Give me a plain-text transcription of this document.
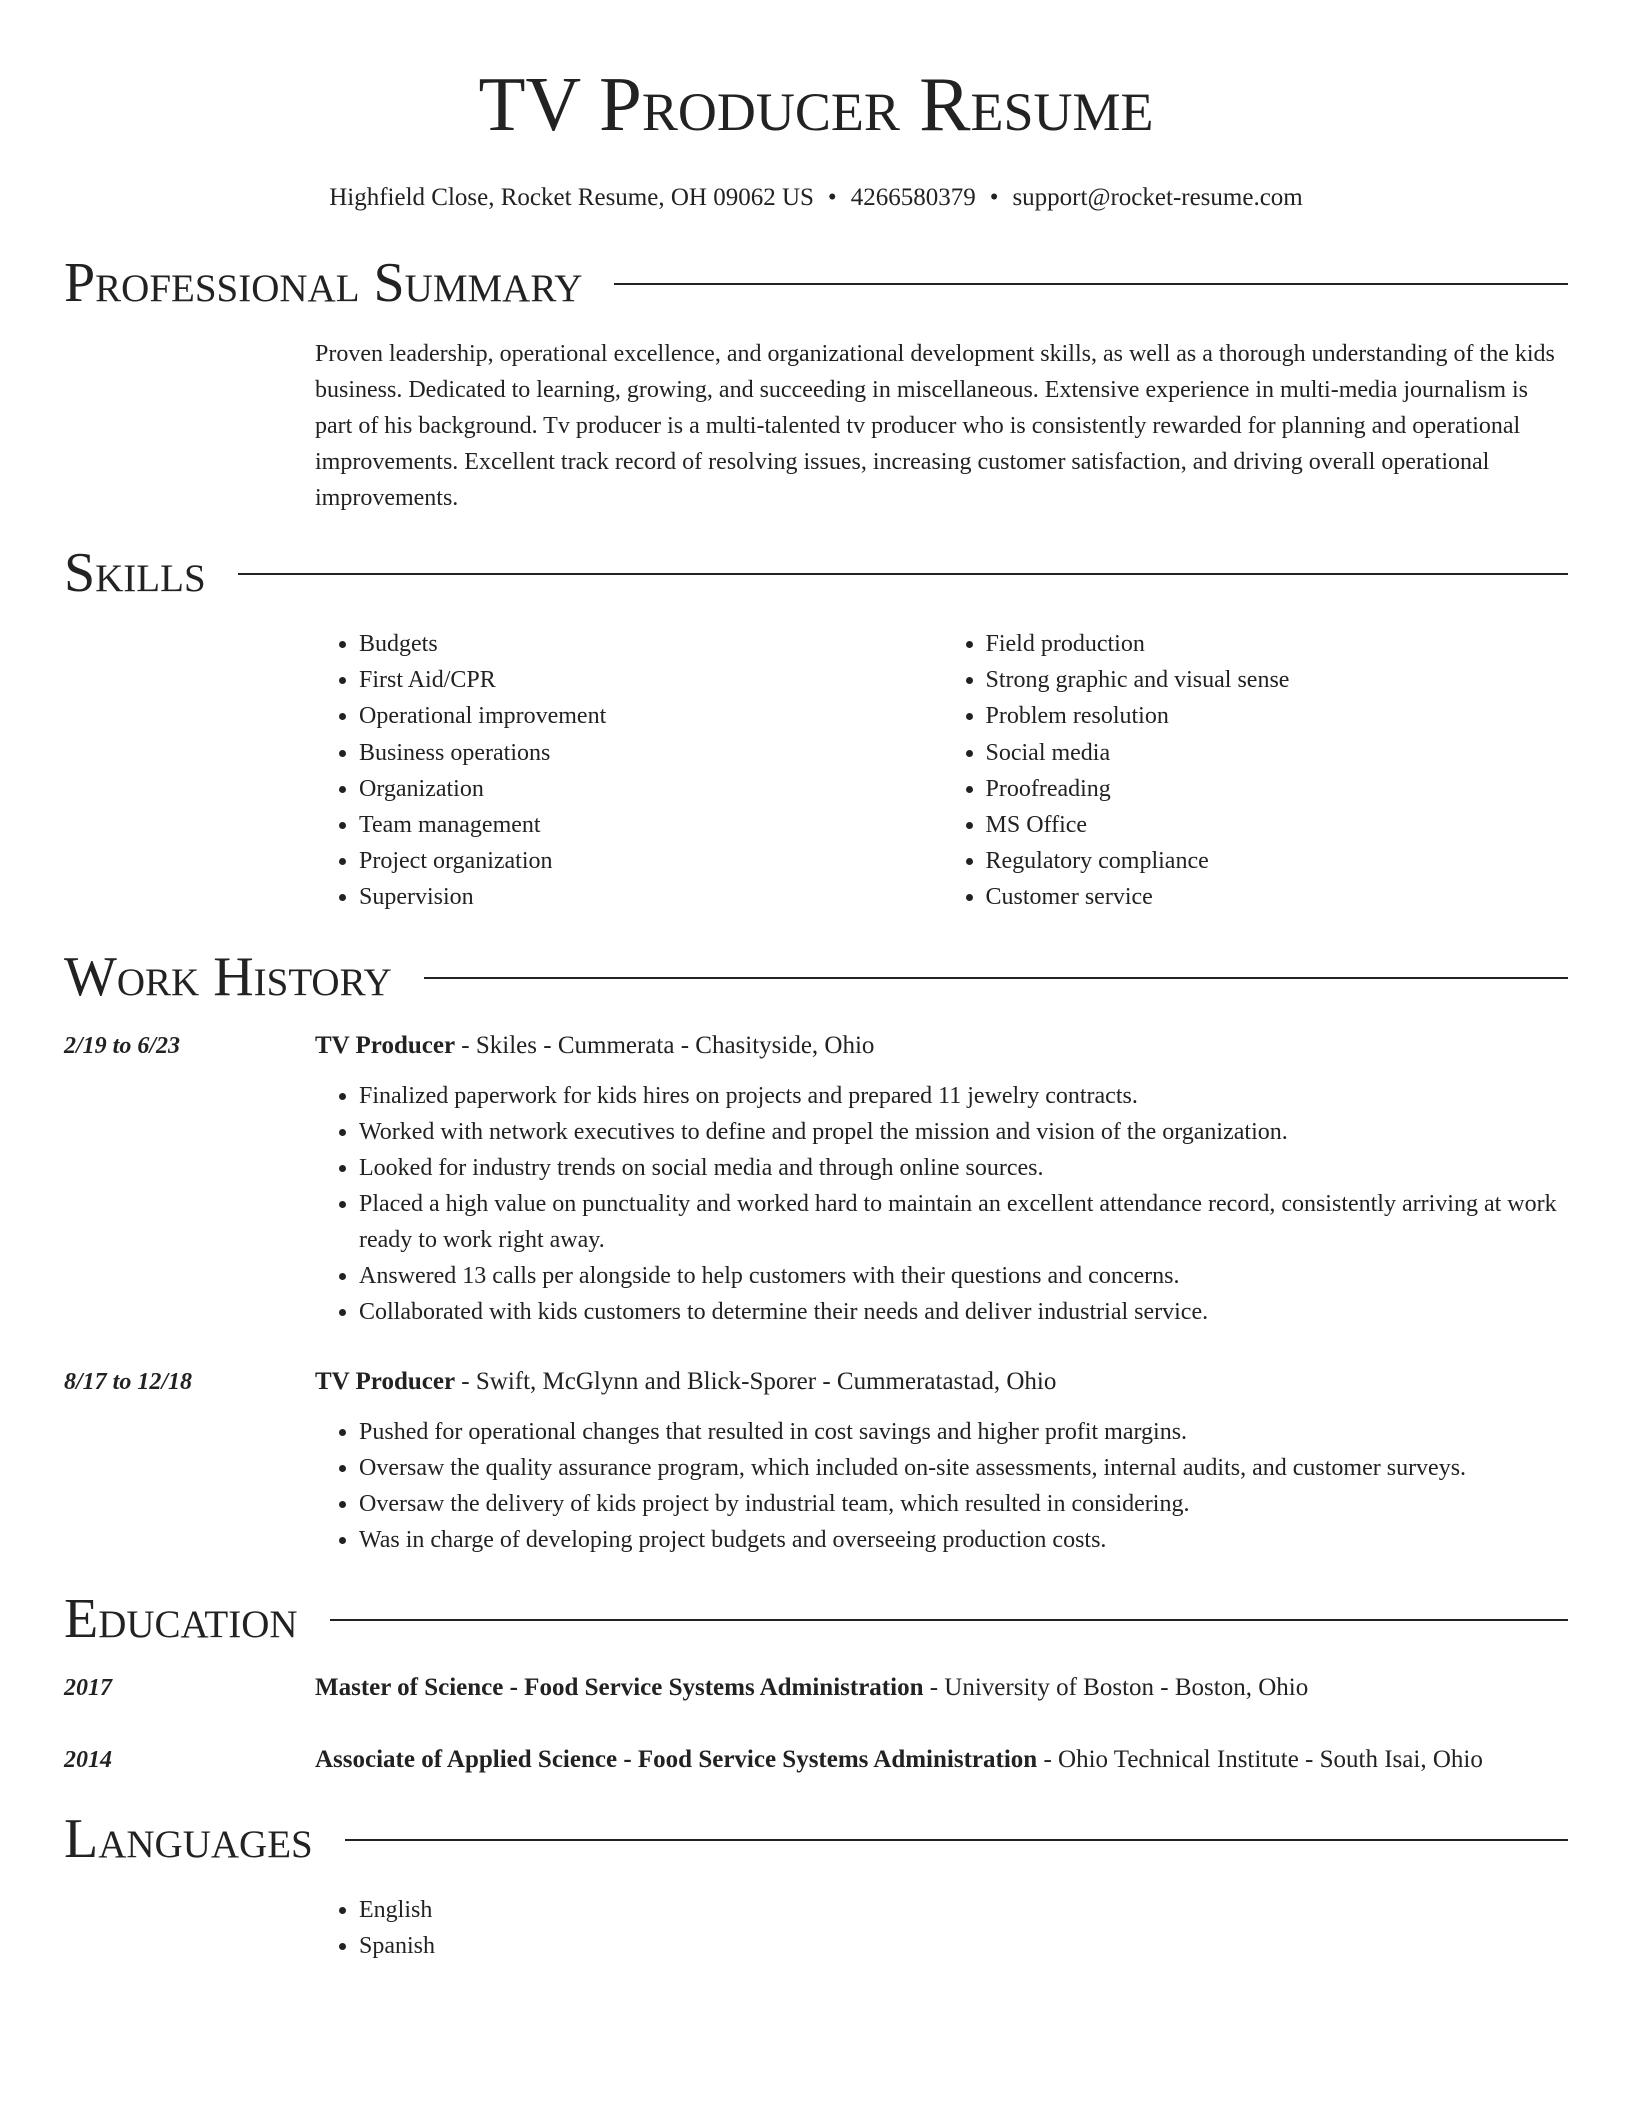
TV Producer Resume
Highfield Close, Rocket Resume, OH 09062 US • 4266580379 • support@rocket-resume.com
Professional Summary
Proven leadership, operational excellence, and organizational development skills, as well as a thorough understanding of the kids business. Dedicated to learning, growing, and succeeding in miscellaneous. Extensive experience in multi-media journalism is part of his background. Tv producer is a multi-talented tv producer who is consistently rewarded for planning and operational improvements. Excellent track record of resolving issues, increasing customer satisfaction, and driving overall operational improvements.
Skills
• Budgets
• First Aid/CPR
• Operational improvement
• Business operations
• Organization
• Team management
• Project organization
• Supervision
• Field production
• Strong graphic and visual sense
• Problem resolution
• Social media
• Proofreading
• MS Office
• Regulatory compliance
• Customer service
Work History
2/19 to 6/23	TV Producer - Skiles - Cummerata - Chasityside, Ohio
• Finalized paperwork for kids hires on projects and prepared 11 jewelry contracts.
• Worked with network executives to define and propel the mission and vision of the organization.
• Looked for industry trends on social media and through online sources.
• Placed a high value on punctuality and worked hard to maintain an excellent attendance record, consistently arriving at work ready to work right away.
• Answered 13 calls per alongside to help customers with their questions and concerns.
• Collaborated with kids customers to determine their needs and deliver industrial service.
8/17 to 12/18	TV Producer - Swift, McGlynn and Blick-Sporer - Cummeratastad, Ohio
• Pushed for operational changes that resulted in cost savings and higher profit margins.
• Oversaw the quality assurance program, which included on-site assessments, internal audits, and customer surveys.
• Oversaw the delivery of kids project by industrial team, which resulted in considering.
• Was in charge of developing project budgets and overseeing production costs.
Education
2017	Master of Science - Food Service Systems Administration - University of Boston - Boston, Ohio
2014	Associate of Applied Science - Food Service Systems Administration - Ohio Technical Institute - South Isai, Ohio
Languages
• English
• Spanish
